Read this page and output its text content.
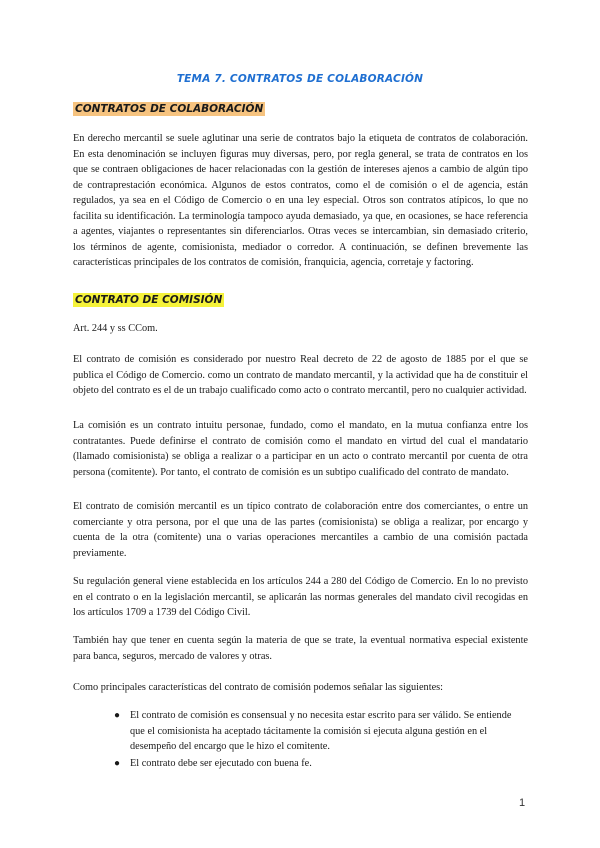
TEMA 7. CONTRATOS DE COLABORACIÓN
CONTRATOS DE COLABORACIÓN

En derecho mercantil se suele aglutinar una serie de contratos bajo la etiqueta de contratos de colaboración. En esta denominación se incluyen figuras muy diversas, pero, por regla general, se trata de contratos en los que se contraen obligaciones de hacer relacionadas con la gestión de intereses ajenos a cambio de algún tipo de contraprestación económica. Algunos de estos contratos, como el de comisión o el de agencia, están regulados, ya sea en el Código de Comercio o en una ley especial. Otros son contratos atípicos, lo que no facilita su identificación. La terminología tampoco ayuda demasiado, ya que, en ocasiones, se hace referencia a agentes, viajantes o representantes sin diferenciarlos. Otras veces se intercambian, sin demasiado criterio, los términos de agente, comisionista, mediador o corredor. A continuación, se definen brevemente las características principales de los contratos de comisión, franquicia, agencia, corretaje y factoring.

CONTRATO DE COMISIÓN

Art. 244 y ss CCom.

El contrato de comisión es considerado por nuestro Real decreto de 22 de agosto de 1885 por el que se publica el Código de Comercio. como un contrato de mandato mercantil, y la actividad que ha de constituir el objeto del contrato es el de un trabajo cualificado como acto o contrato mercantil, pero no cualquier actividad.

La comisión es un contrato intuitu personae, fundado, como el mandato, en la mutua confianza entre los contratantes. Puede definirse el contrato de comisión como el mandato en virtud del cual el mandatario (llamado comisionista) se obliga a realizar o a participar en un acto o contrato mercantil por cuenta de otra persona (comitente). Por tanto, el contrato de comisión es un subtipo cualificado del contrato de mandato.

El contrato de comisión mercantil es un típico contrato de colaboración entre dos comerciantes, o entre un comerciante y otra persona, por el que una de las partes (comisionista) se obliga a realizar, por encargo y cuenta de la otra (comitente) una o varias operaciones mercantiles a cambio de una comisión pactada previamente.

Su regulación general viene establecida en los artículos 244 a 280 del Código de Comercio. En lo no previsto en el contrato o en la legislación mercantil, se aplicarán las normas generales del mandato civil recogidas en los artículos 1709 a 1739 del Código Civil.

También hay que tener en cuenta según la materia de que se trate, la eventual normativa especial existente para banca, seguros, mercado de valores y otras.

Como principales características del contrato de comisión podemos señalar las siguientes:

● El contrato de comisión es consensual y no necesita estar escrito para ser válido. Se entiende que el comisionista ha aceptado tácitamente la comisión si ejecuta alguna gestión en el desempeño del encargo que le hizo el comitente.
● El contrato debe ser ejecutado con buena fe.
1
